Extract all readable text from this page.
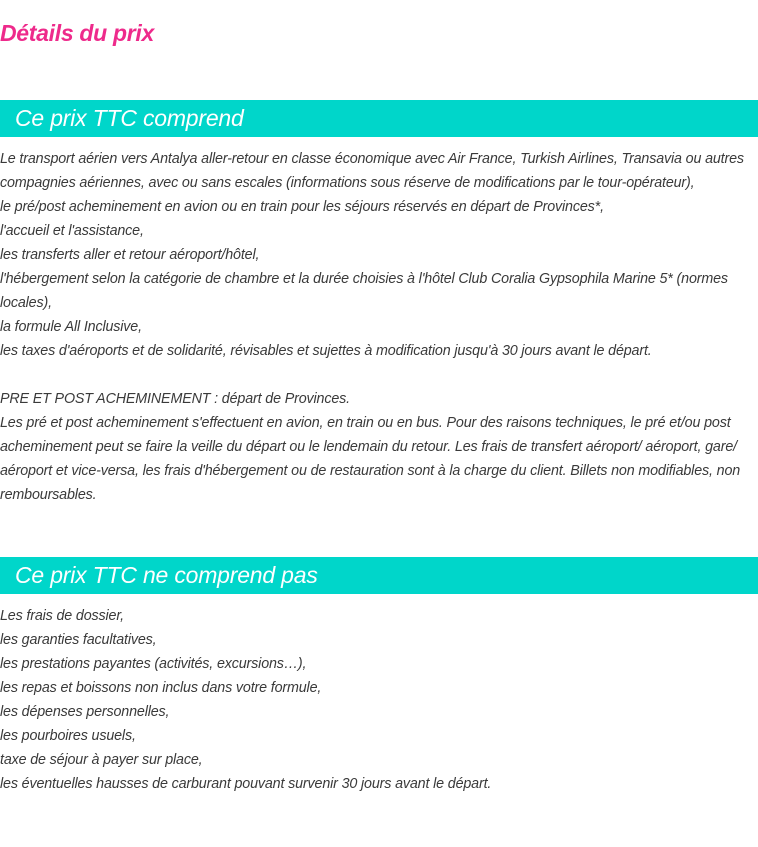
Détails du prix
Ce prix TTC comprend
Le transport aérien vers Antalya aller-retour en classe économique avec Air France, Turkish Airlines, Transavia ou autres compagnies aériennes, avec ou sans escales (informations sous réserve de modifications par le tour-opérateur),
le pré/post acheminement en avion ou en train pour les séjours réservés en départ de Provinces*,
l'accueil et l'assistance,
les transferts aller et retour aéroport/hôtel,
l'hébergement selon la catégorie de chambre et la durée choisies à l'hôtel Club Coralia Gypsophila Marine 5* (normes locales),
la formule All Inclusive,
les taxes d'aéroports et de solidarité, révisables et sujettes à modification jusqu'à 30 jours avant le départ.
PRE ET POST ACHEMINEMENT : départ de Provinces.
Les pré et post acheminement s'effectuent en avion, en train ou en bus. Pour des raisons techniques, le pré et/ou post acheminement peut se faire la veille du départ ou le lendemain du retour. Les frais de transfert aéroport/ aéroport, gare/ aéroport et vice-versa, les frais d'hébergement ou de restauration sont à la charge du client. Billets non modifiables, non remboursables.
Ce prix TTC ne comprend pas
Les frais de dossier,
les garanties facultatives,
les prestations payantes (activités, excursions…),
les repas et boissons non inclus dans votre formule,
les dépenses personnelles,
les pourboires usuels,
taxe de séjour à payer sur place,
les éventuelles hausses de carburant pouvant survenir 30 jours avant le départ.
